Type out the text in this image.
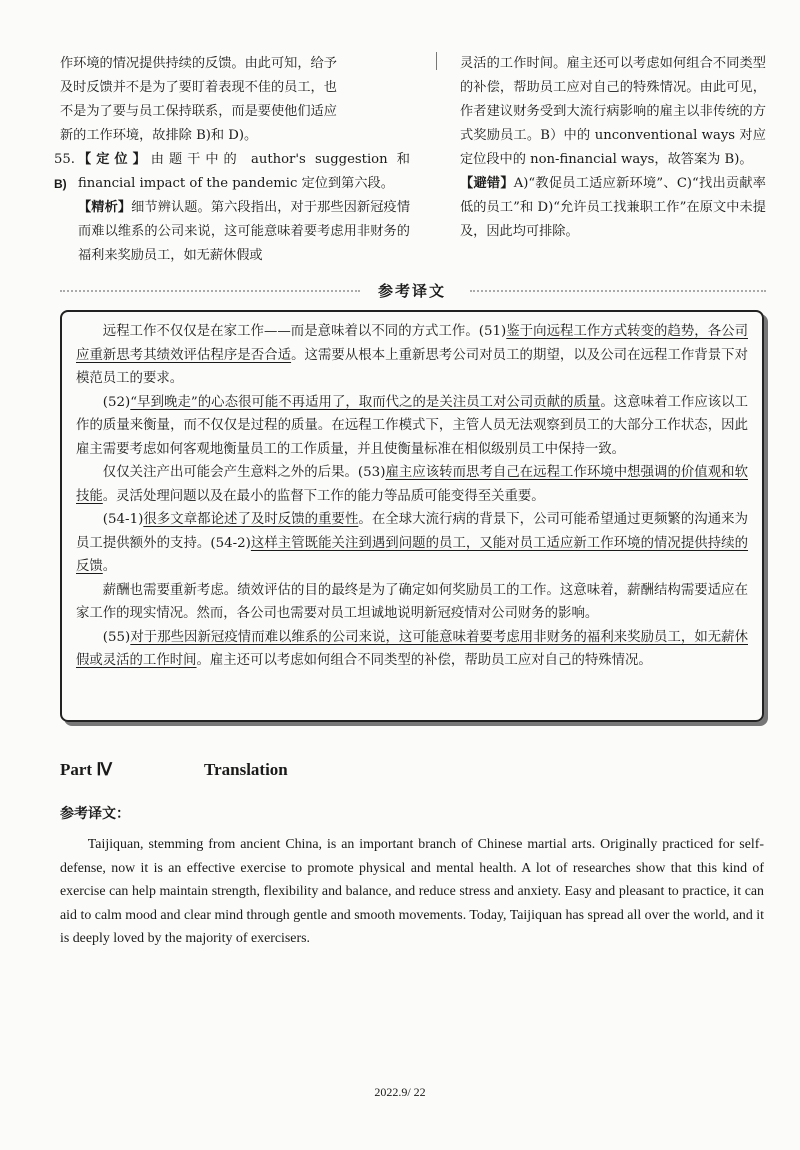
作环境的情况提供持续的反馈。由此可知，给予

及时反馈并不是为了要盯着表现不佳的员工，也

不是为了要与员工保持联系，而是要使他们适应

新的工作环境，故排除 B)和 D)。

55.
B)

【定位】由题干中的 author's suggestion 和 financial impact of the pandemic 定位到第六段。

【精析】细节辨认题。第六段指出，对于那些因新冠疫情而难以维系的公司来说，这可能意味着要考虑用非财务的福利来奖励员工，如无薪休假或

灵活的工作时间。雇主还可以考虑如何组合不同类型的补偿，帮助员工应对自己的特殊情况。由此可见，作者建议财务受到大流行病影响的雇主以非传统的方式奖励员工。B）中的 unconventional ways 对应定位段中的 non-financial ways，故答案为 B)。

【避错】A)“教促员工适应新环境”、C)“找出贡献率低的员工”和 D)“允许员工找兼职工作”在原文中未提及，因此均可排除。

参考译文

远程工作不仅仅是在家工作——而是意味着以不同的方式工作。(51)鉴于向远程工作方式转变的趋势，各公司应重新思考其绩效评估程序是否合适。这需要从根本上重新思考公司对员工的期望，以及公司在远程工作背景下对模范员工的要求。

(52)“早到晚走”的心态很可能不再适用了，取而代之的是关注员工对公司贡献的质量。这意味着工作应该以工作的质量来衡量，而不仅仅是过程的质量。在远程工作模式下，主管人员无法观察到员工的大部分工作状态，因此雇主需要考虑如何客观地衡量员工的工作质量，并且使衡量标准在相似级别员工中保持一致。

仅仅关注产出可能会产生意料之外的后果。(53)雇主应该转而思考自己在远程工作环境中想强调的价值观和软技能。灵活处理问题以及在最小的监督下工作的能力等品质可能变得至关重要。

(54-1)很多文章都论述了及时反馈的重要性。在全球大流行病的背景下，公司可能希望通过更频繁的沟通来为员工提供额外的支持。(54-2)这样主管既能关注到遇到问题的员工，又能对员工适应新工作环境的情况提供持续的反馈。

薪酬也需要重新考虑。绩效评估的目的最终是为了确定如何奖励员工的工作。这意味着，薪酬结构需要适应在家工作的现实情况。然而，各公司也需要对员工坦诚地说明新冠疫情对公司财务的影响。

(55)对于那些因新冠疫情而难以维系的公司来说，这可能意味着要考虑用非财务的福利来奖励员工，如无薪休假或灵活的工作时间。雇主还可以考虑如何组合不同类型的补偿，帮助员工应对自己的特殊情况。

Part Ⅳ	Translation
参考译文：

Taijiquan, stemming from ancient China, is an important branch of Chinese martial arts. Originally practiced for self-defense, now it is an effective exercise to promote physical and mental health. A lot of researches show that this kind of exercise can help maintain strength, flexibility and balance, and reduce stress and anxiety. Easy and pleasant to practice, it can aid to calm mood and clear mind through gentle and smooth movements. Today, Taijiquan has spread all over the world, and it is deeply loved by the majority of exercisers.

2022.9/ 22
